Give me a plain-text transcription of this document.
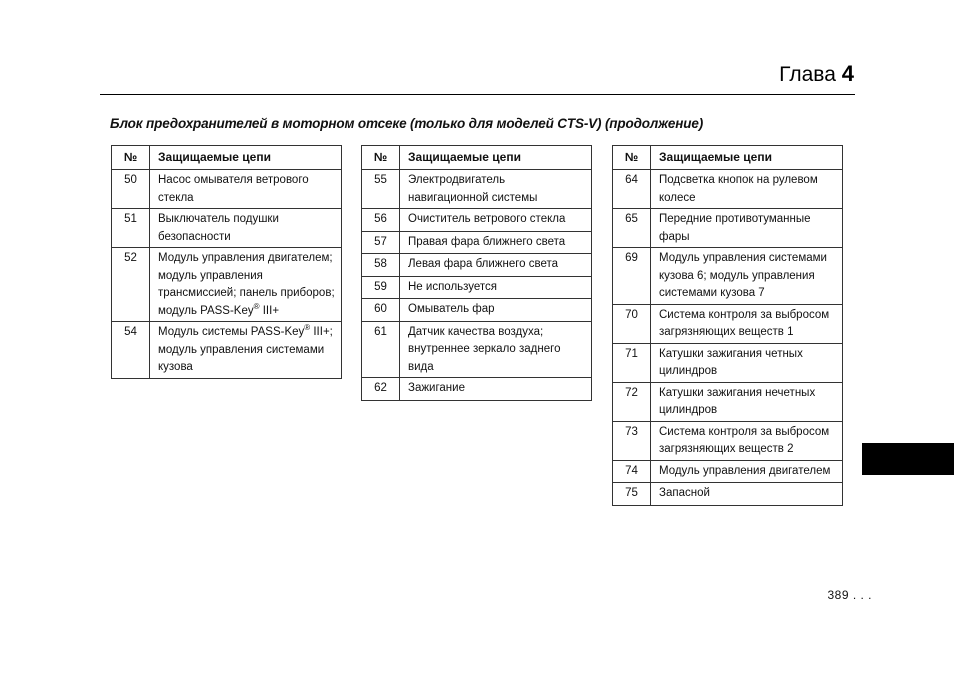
Глава 4
Блок предохранителей в моторном отсеке (только для моделей CTS-V) (продолжение)
№	Защищаемые цепи
50	Насос омывателя ветрового стекла
51	Выключатель подушки безопасности
52	Модуль управления двигателем; модуль управления трансмиссией; панель приборов; модуль PASS-Key® III+
54	Модуль системы PASS-Key® III+; модуль управления системами кузова
№	Защищаемые цепи
55	Электродвигатель навигационной системы
56	Очиститель ветрового стекла
57	Правая фара ближнего света
58	Левая фара ближнего света
59	Не используется
60	Омыватель фар
61	Датчик качества воздуха; внутреннее зеркало заднего вида
62	Зажигание
№	Защищаемые цепи
64	Подсветка кнопок на рулевом колесе
65	Передние противотуманные фары
69	Модуль управления системами кузова 6; модуль управления системами кузова 7
70	Система контроля за выбросом загрязняющих веществ 1
71	Катушки зажигания четных цилиндров
72	Катушки зажигания нечетных цилиндров
73	Система контроля за выбросом загрязняющих веществ 2
74	Модуль управления двигателем
75	Запасной
389 . . .
